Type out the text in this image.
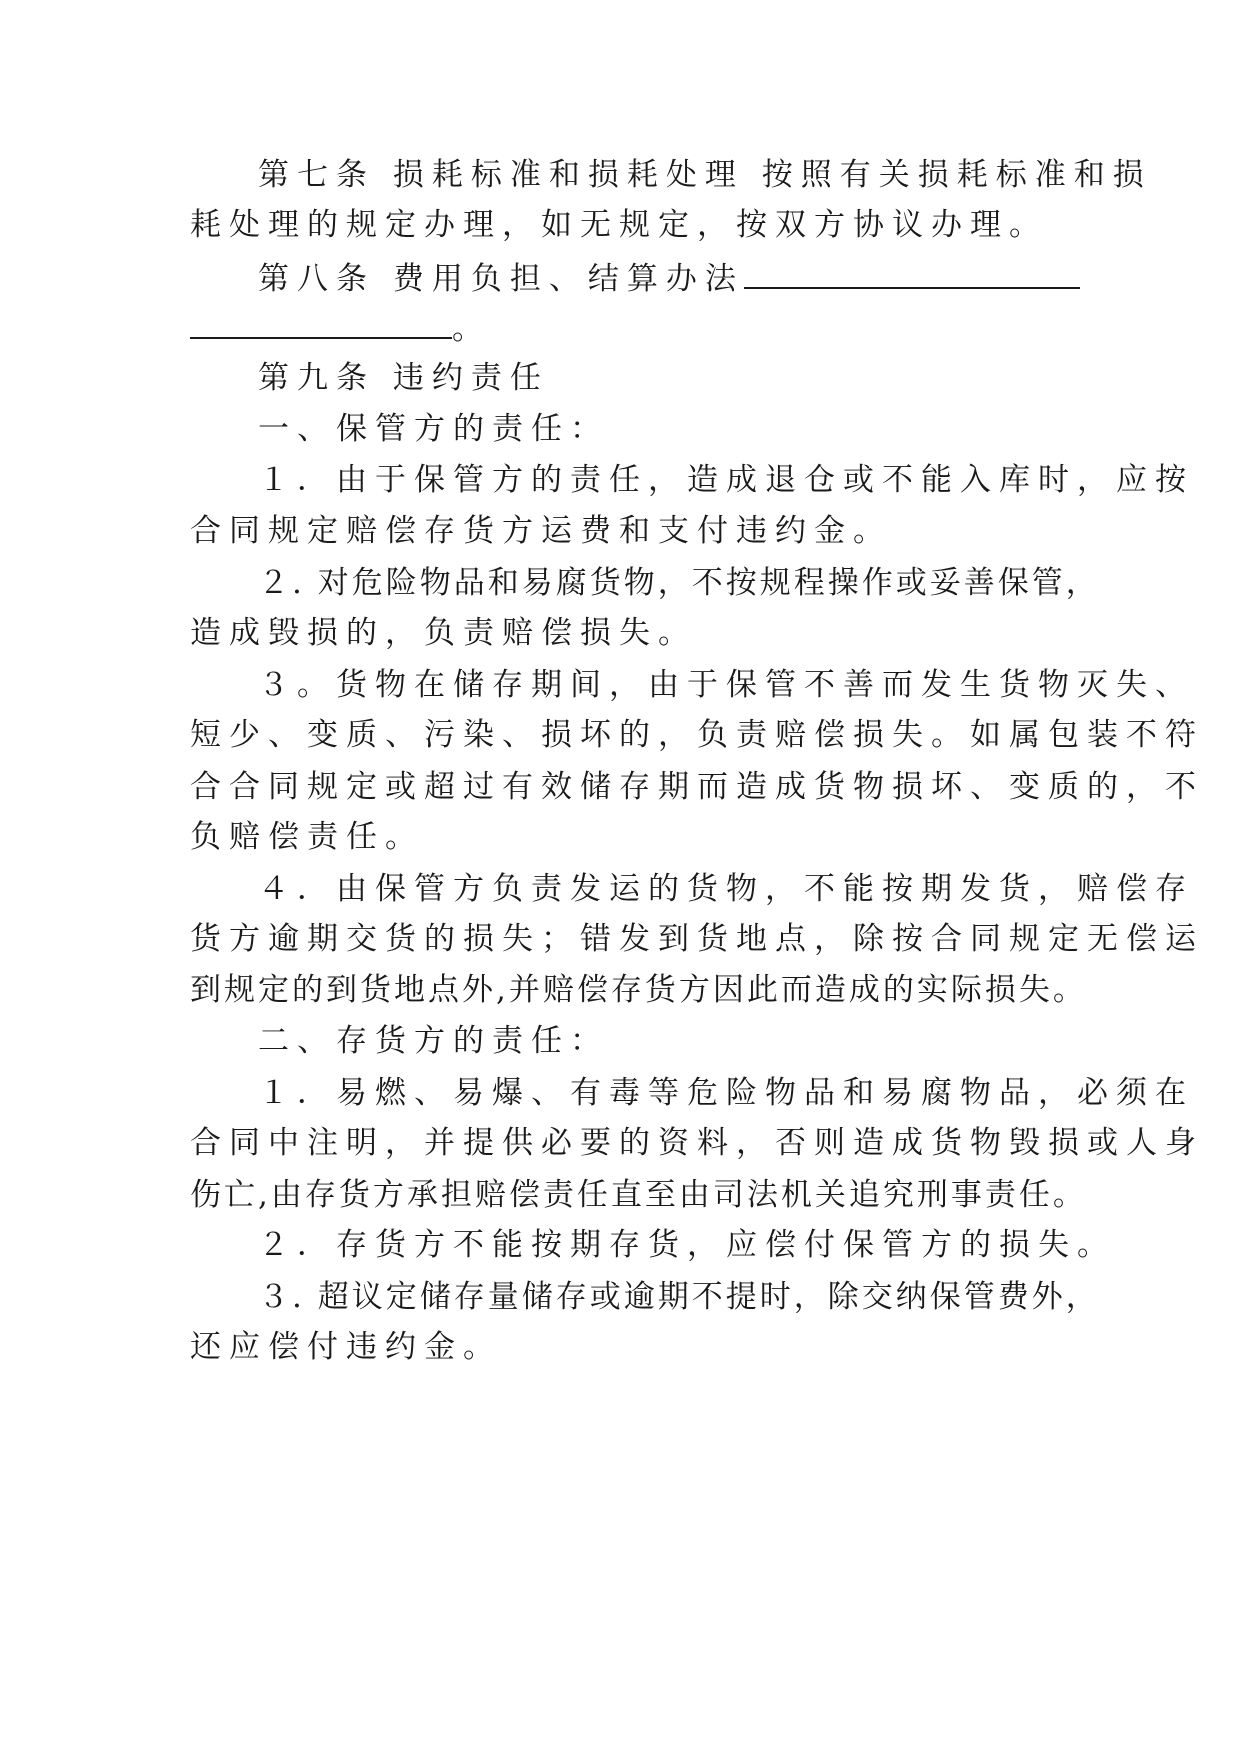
第七条 损耗标准和损耗处理 按照有关损耗标准和损
耗处理的规定办理，如无规定，按双方协议办理。
第八条 费用负担、结算办法
。
第九条 违约责任
一、保管方的责任：
１．由于保管方的责任，造成退仓或不能入库时，应按
合同规定赔偿存货方运费和支付违约金。
２. 对危险物品和易腐货物，不按规程操作或妥善保管，
造成毁损的，负责赔偿损失。
３。货物在储存期间，由于保管不善而发生货物灭失、
短少、变质、污染、损坏的，负责赔偿损失。如属包装不符
合合同规定或超过有效储存期而造成货物损坏、变质的，不
负赔偿责任。
４．由保管方负责发运的货物，不能按期发货，赔偿存
货方逾期交货的损失；错发到货地点，除按合同规定无偿运
到规定的到货地点外,并赔偿存货方因此而造成的实际损失。
二、存货方的责任：
１．易燃、易爆、有毒等危险物品和易腐物品，必须在
合同中注明，并提供必要的资料，否则造成货物毁损或人身
伤亡,由存货方承担赔偿责任直至由司法机关追究刑事责任。
２．存货方不能按期存货，应偿付保管方的损失。
３. 超议定储存量储存或逾期不提时，除交纳保管费外，
还应偿付违约金。
